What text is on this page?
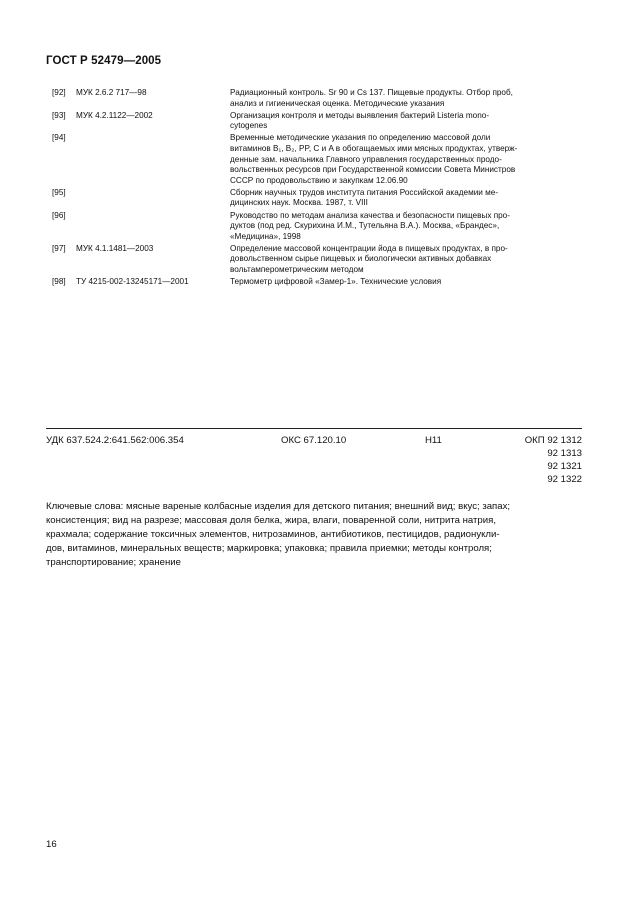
ГОСТ Р 52479—2005
[92] МУК 2.6.2 717—98	Радиационный контроль. Sr 90 и Cs 137. Пищевые продукты. Отбор проб,

анализ и гигиеническая оценка. Методические указания

[93] МУК 4.2.1122—2002	Организация контроля и методы выявления бактерий Listeria mono-

cytogenes

[94]	Временные методические указания по определению массовой доли

витаминов B₁, B₂, PP, C и A в обогащаемых ими мясных продуктах, утверж-

денные зам. начальника Главного управления государственных продо-

вольственных ресурсов при Государственной комиссии Совета Министров

СССР по продовольствию и закупкам 12.06.90

[95]	Сборник научных трудов института питания Российской академии ме-

дицинских наук. Москва. 1987, т. VIII

[96]	Руководство по методам анализа качества и безопасности пищевых про-

дуктов (под ред. Скурихина И.М., Тутельяна В.А.). Москва, «Брандес»,

«Медицина», 1998

[97] МУК 4.1.1481—2003	Определение массовой концентрации йода в пищевых продуктах, в про-

довольственном сырье пищевых и биологически активных добавках

вольтамперометрическим методом

[98] ТУ 4215-002-13245171—2001	Термометр цифровой «Замер-1». Технические условия

УДК 637.524.2:641.562:006.354	ОКС 67.120.10	Н11	ОКП 92 1312
92 1313
92 1321
92 1322

Ключевые слова: мясные вареные колбасные изделия для детского питания; внешний вид; вкус; запах;

консистенция; вид на разрезе; массовая доля белка, жира, влаги, поваренной соли, нитрита натрия,

крахмала; содержание токсичных элементов, нитрозаминов, антибиотиков, пестицидов, радионукли-

дов, витаминов, минеральных веществ; маркировка; упаковка; правила приемки; методы контроля;

транспортирование; хранение

16
